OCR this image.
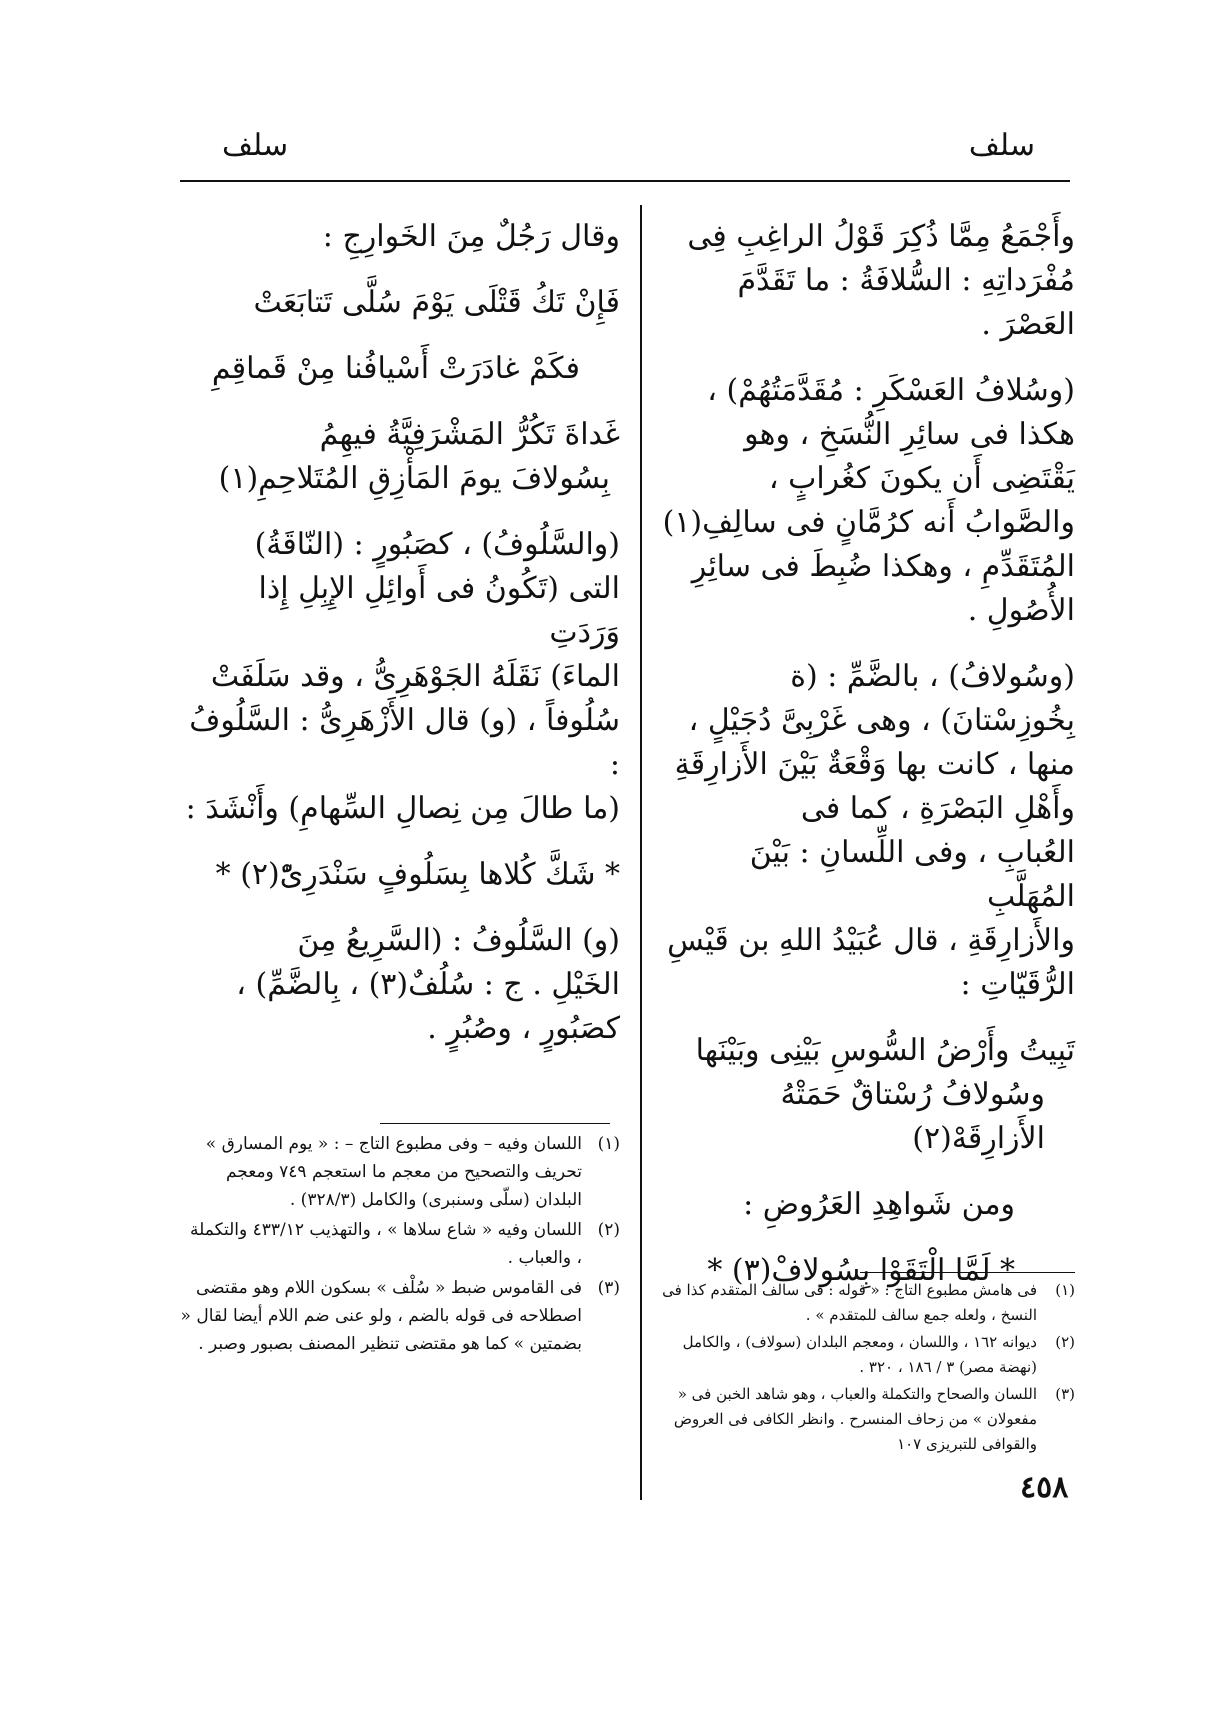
سلف
سلف

وأَجْمَعُ مِمَّا ذُكِرَ قَوْلُ الراغِبِ فِى

مُفْرَداتِهِ : السُّلافَةُ : ما تَقَدَّمَ العَصْرَ .

(وسُلافُ العَسْكَرِ : مُقَدَّمَتُهُمْ) ،

هكذا فى سائِرِ النُّسَخِ ، وهو

يَقْتَضِى أَن يكونَ كغُرابٍ ،

والصَّوابُ أَنه كرُمَّانٍ فى سالِفِ(١)

المُتَقَدِّمِ ، وهكذا ضُبِطَ فى سائِرِ الأُصُولِ .

(وسُولافُ) ، بالضَّمِّ : (ة

بِخُوزِسْتانَ) ، وهى غَرْبِىَّ دُجَيْلٍ ،

منها ، كانت بها وَقْعَةٌ بَيْنَ الأَزارِقَةِ

وأَهْلِ البَصْرَةِ ، كما فى

العُبابِ ، وفى اللِّسانِ : بَيْنَ المُهَلَّبِ

والأَزارِقَةِ ، قال عُبَيْدُ اللهِ بن قَيْسِ

الرُّقَيّاتِ :

تَبِيتُ وأَرْضُ السُّوسِ بَيْنِى وبَيْنَها

وسُولافُ رُسْتاقٌ حَمَتْهُ الأَزارِقَهْ(٢)

ومن شَواهِدِ العَرُوضِ :

* لَمَّا الْتَقَوْا بِسُولافْ(٣) *

وقال رَجُلٌ مِنَ الخَوارِجِ :

فَإِنْ تَكُ قَتْلَى يَوْمَ سُلَّى تَتابَعَتْ

فكَمْ غادَرَتْ أَسْيافُنا مِنْ قَماقِمِ

غَداةَ تَكُرُّ المَشْرَفِيَّةُ فيهِمُ

بِسُولافَ يومَ المَأْزِقِ المُتَلاحِمِ(١)

(والسَّلُوفُ) ، كصَبُورٍ : (النّاقَةُ)

التى (تَكُونُ فى أَوائِلِ الإِبِلِ إِذا وَرَدَتِ

الماءَ) نَقَلَهُ الجَوْهَرِىُّ ، وقد سَلَفَتْ

سُلُوفاً ، (و) قال الأَزْهَرِىُّ : السَّلُوفُ :

(ما طالَ مِن نِصالِ السِّهامِ) وأَنْشَدَ :

* شَكَّ كُلاها بِسَلُوفٍ سَنْدَرِىّْ(٢) *

(و) السَّلُوفُ : (السَّرِيعُ مِنَ

الخَيْلِ . ج : سُلُفٌ(٣) ، بِالضَّمِّ) ،

كصَبُورٍ ، وصُبُرٍ .

(١)
اللسان وفيه – وفى مطبوع التاج – : « يوم المسارق » تحريف والتصحيح من معجم ما استعجم ٧٤٩ ومعجم البلدان (سلّى وسنبرى) والكامل (٣٢٨/٣) .
(٢)
اللسان وفيه « شاع سلاها » ، والتهذيب ٤٣٣/١٢ والتكملة ، والعباب .
(٣)
فى القاموس ضبط « سُلْف » بسكون اللام وهو مقتضى اصطلاحه فى قوله بالضم ، ولو عنى ضم اللام أيضا لقال « بضمتين » كما هو مقتضى تنظير المصنف بصبور وصبر .
(١)
فى هامش مطبوع التاج : « قوله : فى سالف المتقدم كذا فى النسخ ، ولعله جمع سالف للمتقدم » .
(٢)
ديوانه ١٦٢ ، واللسان ، ومعجم البلدان (سولاف) ، والكامل (نهضة مصر) ٣ / ١٨٦ ، ٣٢٠ .
(٣)
اللسان والصحاح والتكملة والعباب ، وهو شاهد الخبن فى « مفعولان » من زحاف المنسرح . وانظر الكافى فى العروض والقوافى للتبريزى ١٠٧
٤٥٨
